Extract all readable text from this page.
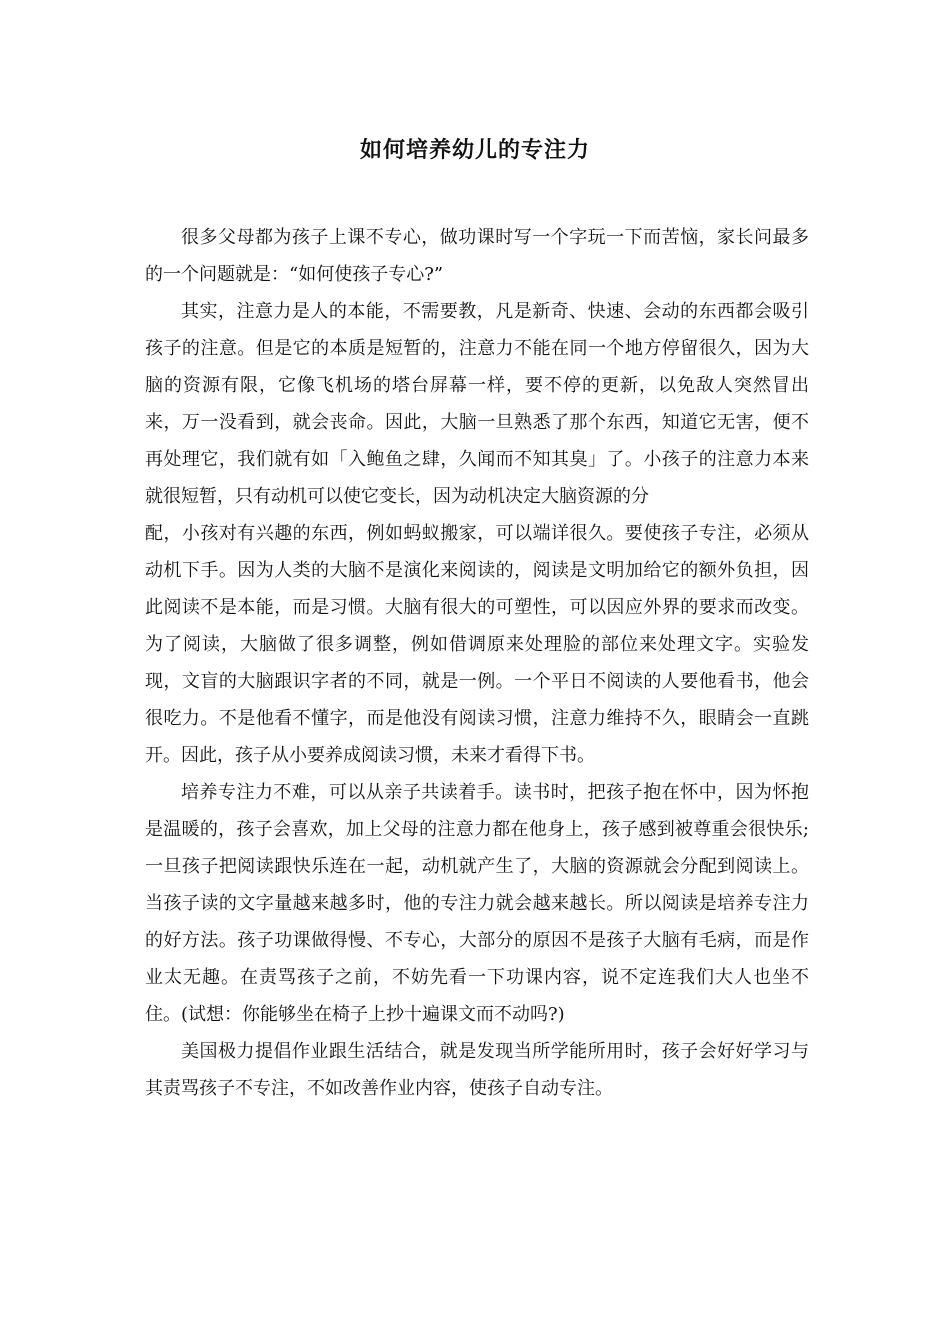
如何培养幼儿的专注力

很多父母都为孩子上课不专心，做功课时写一个字玩一下而苦恼，家长问最多的一个问题就是：“如何使孩子专心?”

其实，注意力是人的本能，不需要教，凡是新奇、快速、会动的东西都会吸引孩子的注意。但是它的本质是短暂的，注意力不能在同一个地方停留很久，因为大脑的资源有限，它像飞机场的塔台屏幕一样，要不停的更新，以免敌人突然冒出来，万一没看到，就会丧命。因此，大脑一旦熟悉了那个东西，知道它无害，便不再处理它，我们就有如「入鲍鱼之肆，久闻而不知其臭」了。小孩子的注意力本来就很短暂，只有动机可以使它变长，因为动机决定大脑资源的分

配，小孩对有兴趣的东西，例如蚂蚁搬家，可以端详很久。要使孩子专注，必须从动机下手。因为人类的大脑不是演化来阅读的，阅读是文明加给它的额外负担，因此阅读不是本能，而是习惯。大脑有很大的可塑性，可以因应外界的要求而改变。为了阅读，大脑做了很多调整，例如借调原来处理脸的部位来处理文字。实验发现，文盲的大脑跟识字者的不同，就是一例。一个平日不阅读的人要他看书，他会很吃力。不是他看不懂字，而是他没有阅读习惯，注意力维持不久，眼睛会一直跳开。因此，孩子从小要养成阅读习惯，未来才看得下书。

培养专注力不难，可以从亲子共读着手。读书时，把孩子抱在怀中，因为怀抱是温暖的，孩子会喜欢，加上父母的注意力都在他身上，孩子感到被尊重会很快乐;一旦孩子把阅读跟快乐连在一起，动机就产生了，大脑的资源就会分配到阅读上。当孩子读的文字量越来越多时，他的专注力就会越来越长。所以阅读是培养专注力的好方法。孩子功课做得慢、不专心，大部分的原因不是孩子大脑有毛病，而是作业太无趣。在责骂孩子之前，不妨先看一下功课内容，说不定连我们大人也坐不住。(试想：你能够坐在椅子上抄十遍课文而不动吗?)

美国极力提倡作业跟生活结合，就是发现当所学能所用时，孩子会好好学习与其责骂孩子不专注，不如改善作业内容，使孩子自动专注。
